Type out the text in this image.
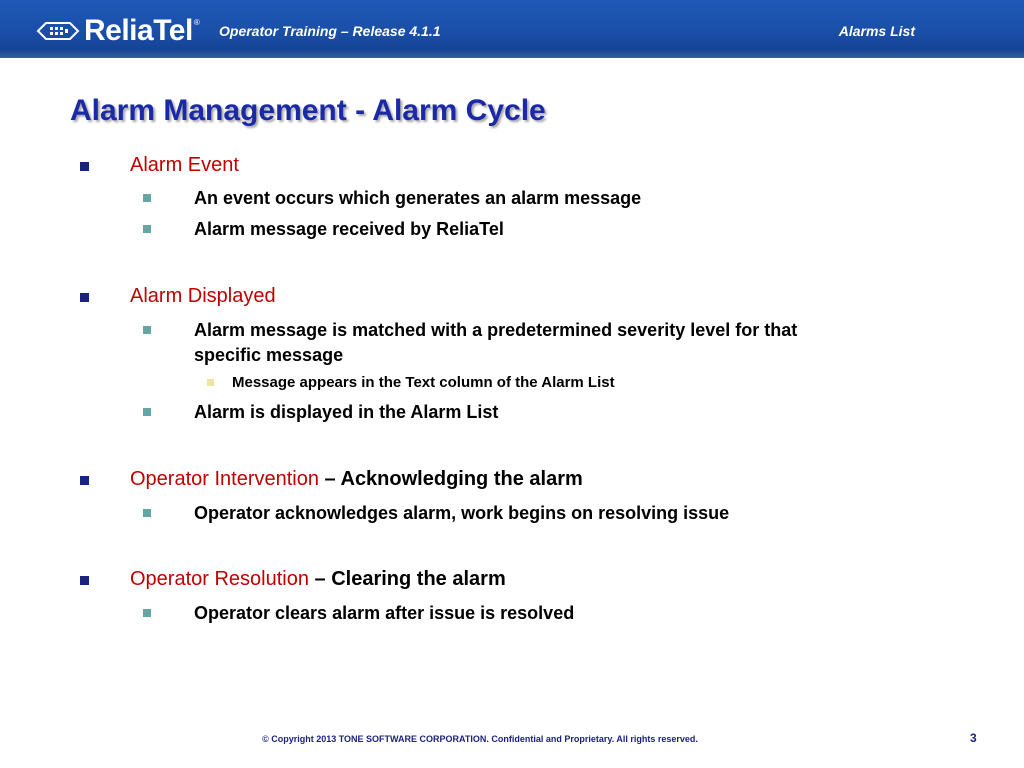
ReliaTel ®
Operator Training – Release 4.1.1	Alarms List
Alarm Management - Alarm Cycle
Alarm Event
An event occurs which generates an alarm message
Alarm message received by ReliaTel
Alarm Displayed
Alarm message is matched with a predetermined severity level for that
specific message
Message appears in the Text column of the Alarm List
Alarm is displayed in the Alarm List
Operator Intervention – Acknowledging the alarm
Operator acknowledges alarm, work begins on resolving issue
Operator Resolution – Clearing the alarm
Operator clears alarm after issue is resolved
© Copyright 2013 TONE SOFTWARE CORPORATION. Confidential and Proprietary. All rights reserved.	3
